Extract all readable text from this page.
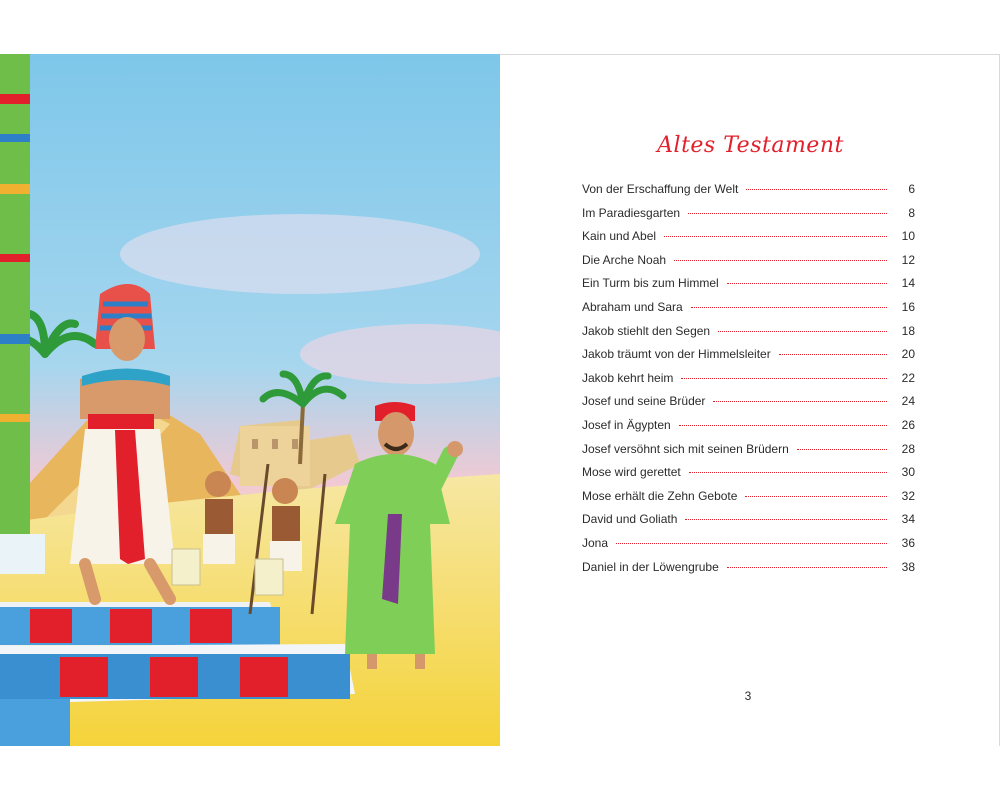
Altes Testament
Von der Erschaffung der Welt	6
Im Paradiesgarten	8
Kain und Abel	10
Die Arche Noah	12
Ein Turm bis zum Himmel	14
Abraham und Sara	16
Jakob stiehlt den Segen	18
Jakob träumt von der Himmelsleiter	20
Jakob kehrt heim	22
Josef und seine Brüder	24
Josef in Ägypten	26
Josef versöhnt sich mit seinen Brüdern	28
Mose wird gerettet	30
Mose erhält die Zehn Gebote	32
David und Goliath	34
Jona	36
Daniel in der Löwengrube	38
3
